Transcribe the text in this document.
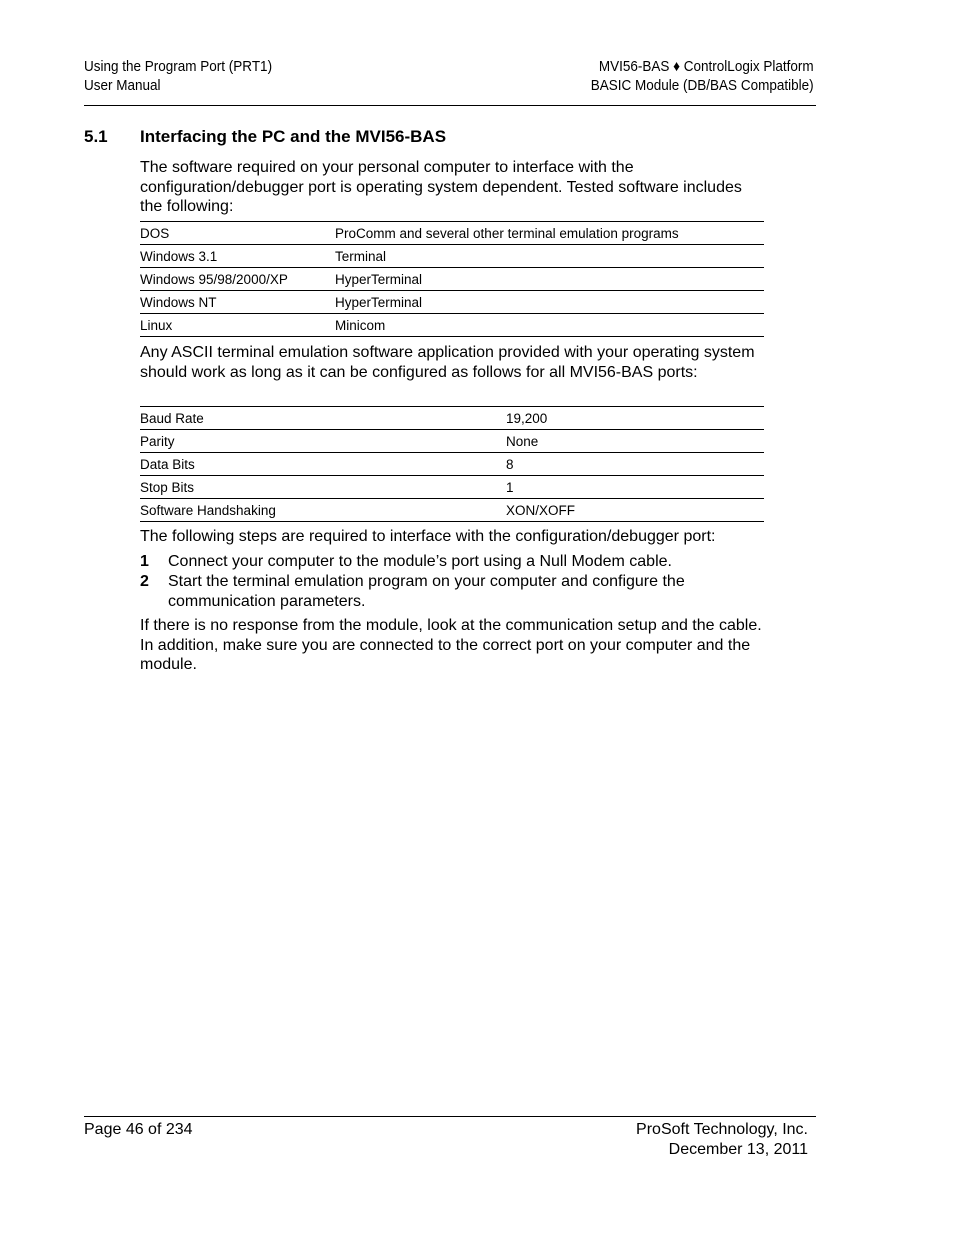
Using the Program Port (PRT1)
User Manual
MVI56-BAS ♦ ControlLogix Platform
BASIC Module (DB/BAS Compatible)
5.1 Interfacing the PC and the MVI56-BAS

The software required on your personal computer to interface with the configuration/debugger port is operating system dependent. Tested software includes the following:

DOS	ProComm and several other terminal emulation programs
Windows 3.1	Terminal
Windows 95/98/2000/XP	HyperTerminal
Windows NT	HyperTerminal
Linux	Minicom

Any ASCII terminal emulation software application provided with your operating system should work as long as it can be configured as follows for all MVI56-BAS ports:

Baud Rate	19,200
Parity	None
Data Bits	8
Stop Bits	1
Software Handshaking	XON/XOFF

The following steps are required to interface with the configuration/debugger port:

1 Connect your computer to the module’s port using a Null Modem cable.
2 Start the terminal emulation program on your computer and configure the communication parameters.

If there is no response from the module, look at the communication setup and the cable. In addition, make sure you are connected to the correct port on your computer and the module.

Page 46 of 234	ProSoft Technology, Inc.
December 13, 2011
